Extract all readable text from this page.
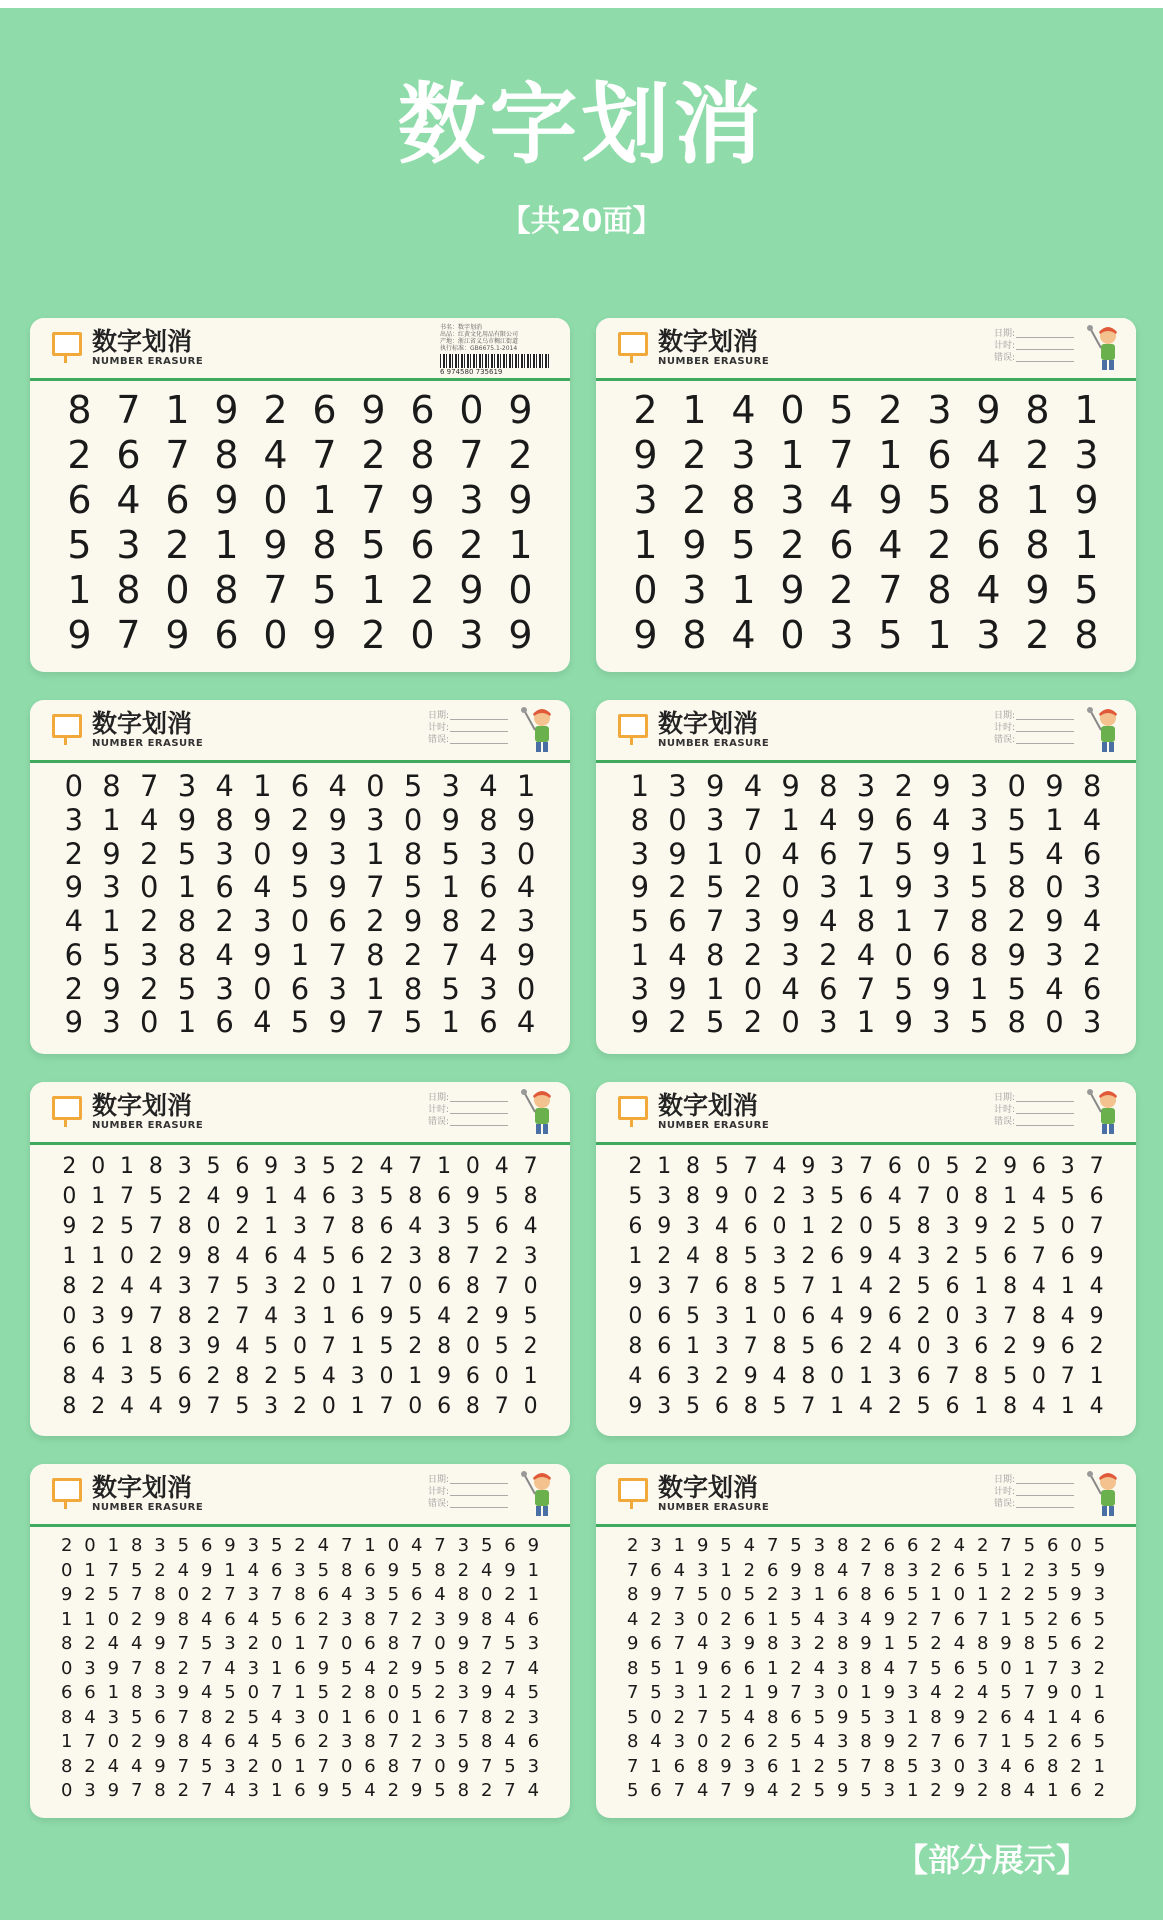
数字划消
【共20面】
数字划消
NUMBER ERASURE
书名：数字划消
出品：红黄文化用品有限公司
产地：浙江省义乌市稠江街道
执行标准：GB6675.1-2014
6 974580 735619
8 7 1 9 2 6 9 6 0 9
2 6 7 8 4 7 2 8 7 2
6 4 6 9 0 1 7 9 3 9
5 3 2 1 9 8 5 6 2 1
1 8 0 8 7 5 1 2 9 0
9 7 9 6 0 9 2 0 3 9
数字划消
NUMBER ERASURE
日期:
计时:
错误:
2 1 4 0 5 2 3 9 8 1
9 2 3 1 7 1 6 4 2 3
3 2 8 3 4 9 5 8 1 9
1 9 5 2 6 4 2 6 8 1
0 3 1 9 2 7 8 4 9 5
9 8 4 0 3 5 1 3 2 8
数字划消
NUMBER ERASURE
日期:
计时:
错误:
0 8 7 3 4 1 6 4 0 5 3 4 1
3 1 4 9 8 9 2 9 3 0 9 8 9
2 9 2 5 3 0 9 3 1 8 5 3 0
9 3 0 1 6 4 5 9 7 5 1 6 4
4 1 2 8 2 3 0 6 2 9 8 2 3
6 5 3 8 4 9 1 7 8 2 7 4 9
2 9 2 5 3 0 6 3 1 8 5 3 0
9 3 0 1 6 4 5 9 7 5 1 6 4
数字划消
NUMBER ERASURE
日期:
计时:
错误:
1 3 9 4 9 8 3 2 9 3 0 9 8
8 0 3 7 1 4 9 6 4 3 5 1 4
3 9 1 0 4 6 7 5 9 1 5 4 6
9 2 5 2 0 3 1 9 3 5 8 0 3
5 6 7 3 9 4 8 1 7 8 2 9 4
1 4 8 2 3 2 4 0 6 8 9 3 2
3 9 1 0 4 6 7 5 9 1 5 4 6
9 2 5 2 0 3 1 9 3 5 8 0 3
数字划消
NUMBER ERASURE
日期:
计时:
错误:
2 0 1 8 3 5 6 9 3 5 2 4 7 1 0 4 7
0 1 7 5 2 4 9 1 4 6 3 5 8 6 9 5 8
9 2 5 7 8 0 2 1 3 7 8 6 4 3 5 6 4
1 1 0 2 9 8 4 6 4 5 6 2 3 8 7 2 3
8 2 4 4 3 7 5 3 2 0 1 7 0 6 8 7 0
0 3 9 7 8 2 7 4 3 1 6 9 5 4 2 9 5
6 6 1 8 3 9 4 5 0 7 1 5 2 8 0 5 2
8 4 3 5 6 2 8 2 5 4 3 0 1 9 6 0 1
8 2 4 4 9 7 5 3 2 0 1 7 0 6 8 7 0
数字划消
NUMBER ERASURE
日期:
计时:
错误:
2 1 8 5 7 4 9 3 7 6 0 5 2 9 6 3 7
5 3 8 9 0 2 3 5 6 4 7 0 8 1 4 5 6
6 9 3 4 6 0 1 2 0 5 8 3 9 2 5 0 7
1 2 4 8 5 3 2 6 9 4 3 2 5 6 7 6 9
9 3 7 6 8 5 7 1 4 2 5 6 1 8 4 1 4
0 6 5 3 1 0 6 4 9 6 2 0 3 7 8 4 9
8 6 1 3 7 8 5 6 2 4 0 3 6 2 9 6 2
4 6 3 2 9 4 8 0 1 3 6 7 8 5 0 7 1
9 3 5 6 8 5 7 1 4 2 5 6 1 8 4 1 4
数字划消
NUMBER ERASURE
日期:
计时:
错误:
2 0 1 8 3 5 6 9 3 5 2 4 7 1 0 4 7 3 5 6 9
0 1 7 5 2 4 9 1 4 6 3 5 8 6 9 5 8 2 4 9 1
9 2 5 7 8 0 2 7 3 7 8 6 4 3 5 6 4 8 0 2 1
1 1 0 2 9 8 4 6 4 5 6 2 3 8 7 2 3 9 8 4 6
8 2 4 4 9 7 5 3 2 0 1 7 0 6 8 7 0 9 7 5 3
0 3 9 7 8 2 7 4 3 1 6 9 5 4 2 9 5 8 2 7 4
6 6 1 8 3 9 4 5 0 7 1 5 2 8 0 5 2 3 9 4 5
8 4 3 5 6 7 8 2 5 4 3 0 1 6 0 1 6 7 8 2 3
1 7 0 2 9 8 4 6 4 5 6 2 3 8 7 2 3 5 8 4 6
8 2 4 4 9 7 5 3 2 0 1 7 0 6 8 7 0 9 7 5 3
0 3 9 7 8 2 7 4 3 1 6 9 5 4 2 9 5 8 2 7 4
数字划消
NUMBER ERASURE
日期:
计时:
错误:
2 3 1 9 5 4 7 5 3 8 2 6 6 2 4 2 7 5 6 0 5
7 6 4 3 1 2 6 9 8 4 7 8 3 2 6 5 1 2 3 5 9
8 9 7 5 0 5 2 3 1 6 8 6 5 1 0 1 2 2 5 9 3
4 2 3 0 2 6 1 5 4 3 4 9 2 7 6 7 1 5 2 6 5
9 6 7 4 3 9 8 3 2 8 9 1 5 2 4 8 9 8 5 6 2
8 5 1 9 6 6 1 2 4 3 8 4 7 5 6 5 0 1 7 3 2
7 5 3 1 2 1 9 7 3 0 1 9 3 4 2 4 5 7 9 0 1
5 0 2 7 5 4 8 6 5 9 5 3 1 8 9 2 6 4 1 4 6
8 4 3 0 2 6 2 5 4 3 8 9 2 7 6 7 1 5 2 6 5
7 1 6 8 9 3 6 1 2 5 7 8 5 3 0 3 4 6 8 2 1
5 6 7 4 7 9 4 2 5 9 5 3 1 2 9 2 8 4 1 6 2
【部分展示】
